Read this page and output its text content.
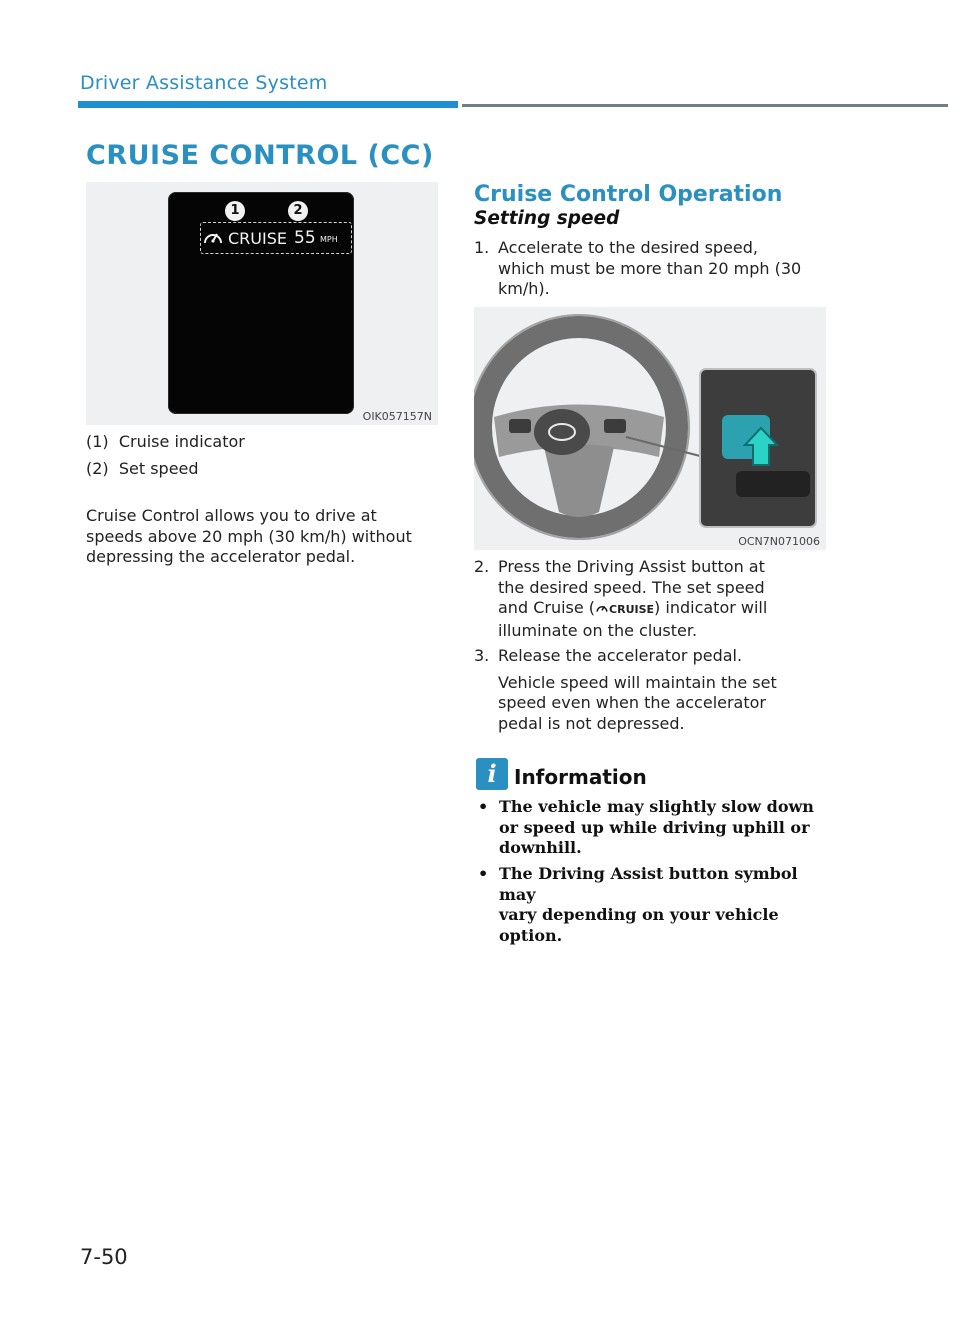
Driver Assistance System
CRUISE CONTROL (CC)
CRUISE 55 MPH
1	2
OIK057157N
(1) Cruise indicator
(2) Set speed
Cruise Control allows you to drive at
speeds above 20 mph (30 km/h) without
depressing the accelerator pedal.
Cruise Control Operation
Setting speed
1. Accelerate to the desired speed,
which must be more than 20 mph (30
km/h).
OCN7N071006
2. Press the Driving Assist button at
the desired speed. The set speed
and Cruise ( CRUISE) indicator will
illuminate on the cluster.
3. Release the accelerator pedal.
Vehicle speed will maintain the set
speed even when the accelerator
pedal is not depressed.
i Information
• The vehicle may slightly slow down
or speed up while driving uphill or
downhill.
• The Driving Assist button symbol may
vary depending on your vehicle option.
7-50
